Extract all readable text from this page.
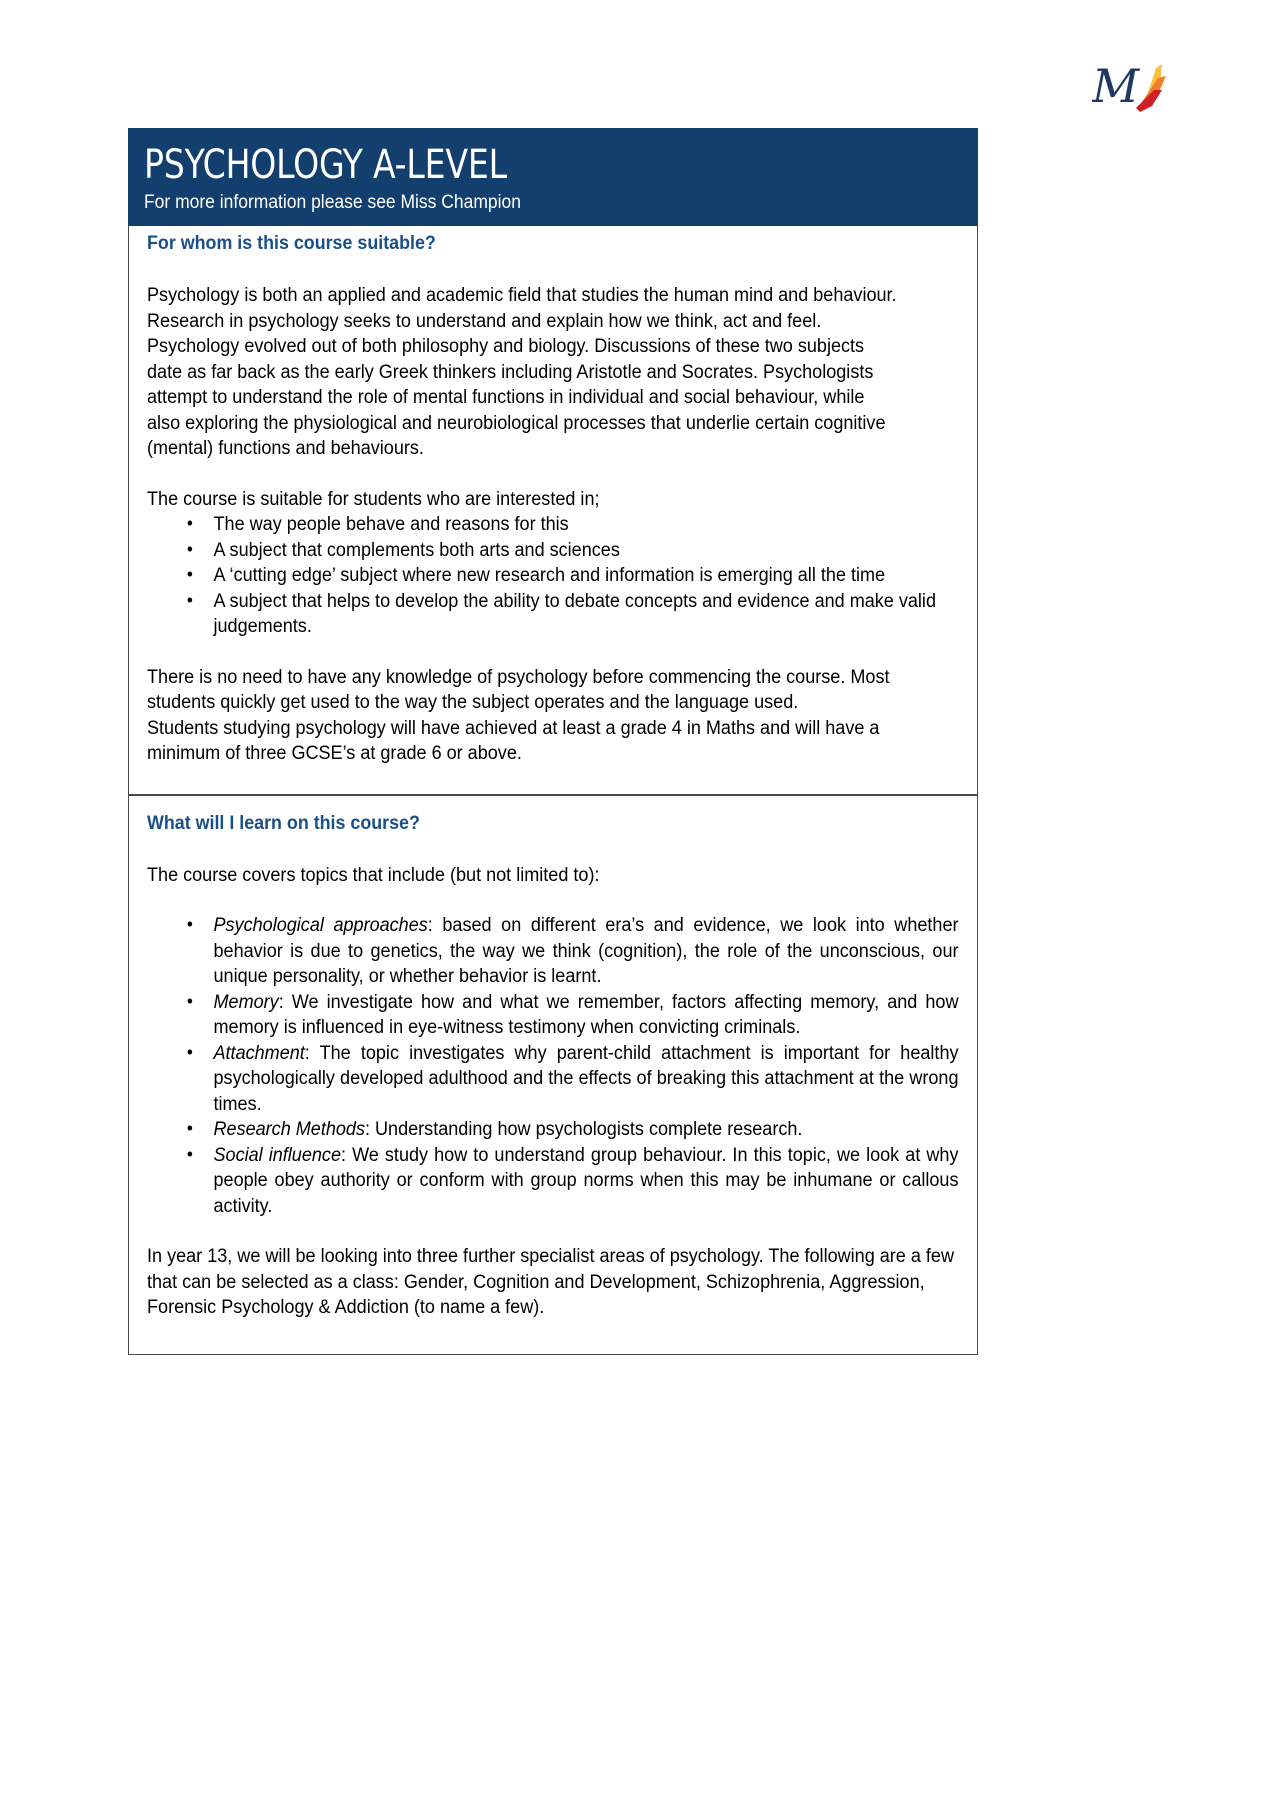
M
PSYCHOLOGY A-LEVEL
For more information please see Miss Champion
For whom is this course suitable?

Psychology is both an applied and academic field that studies the human mind and behaviour.

Research in psychology seeks to understand and explain how we think, act and feel.

Psychology evolved out of both philosophy and biology. Discussions of these two subjects

date as far back as the early Greek thinkers including Aristotle and Socrates. Psychologists

attempt to understand the role of mental functions in individual and social behaviour, while

also exploring the physiological and neurobiological processes that underlie certain cognitive

(mental) functions and behaviours.

The course is suitable for students who are interested in;

• The way people behave and reasons for this
• A subject that complements both arts and sciences
• A ‘cutting edge’ subject where new research and information is emerging all the time
• A subject that helps to develop the ability to debate concepts and evidence and make valid judgements.

There is no need to have any knowledge of psychology before commencing the course. Most

students quickly get used to the way the subject operates and the language used.

Students studying psychology will have achieved at least a grade 4 in Maths and will have a

minimum of three GCSE’s at grade 6 or above.

What will I learn on this course?

The course covers topics that include (but not limited to):

• Psychological approaches: based on different era’s and evidence, we look into whether behavior is due to genetics, the way we think (cognition), the role of the unconscious, our unique personality, or whether behavior is learnt.
• Memory: We investigate how and what we remember, factors affecting memory, and how memory is influenced in eye-witness testimony when convicting criminals.
• Attachment: The topic investigates why parent-child attachment is important for healthy psychologically developed adulthood and the effects of breaking this attachment at the wrong times.
• Research Methods: Understanding how psychologists complete research.
• Social influence: We study how to understand group behaviour. In this topic, we look at why people obey authority or conform with group norms when this may be inhumane or callous activity.

In year 13, we will be looking into three further specialist areas of psychology. The following are a few that can be selected as a class: Gender, Cognition and Development, Schizophrenia, Aggression, Forensic Psychology & Addiction (to name a few).
